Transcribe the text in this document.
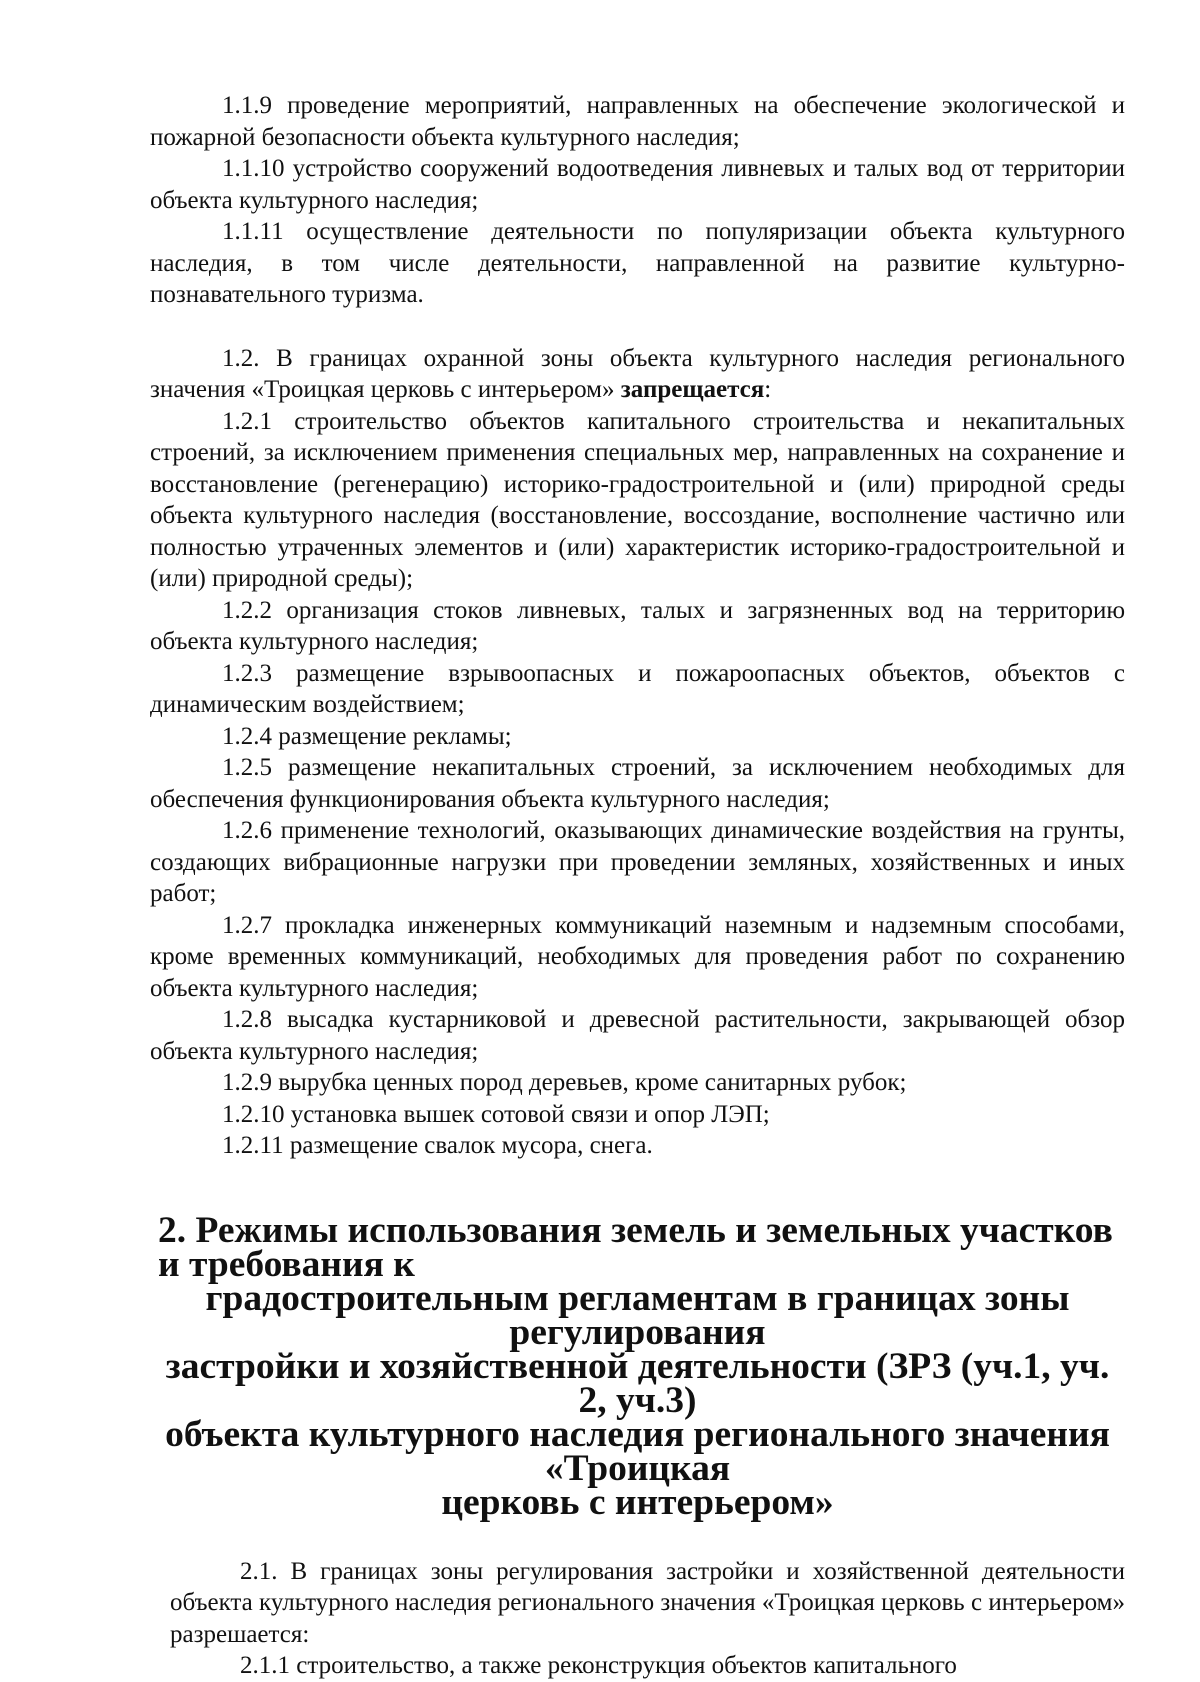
1.1.9 проведение мероприятий, направленных на обеспечение экологической и пожарной безопасности объекта культурного наследия;

1.1.10 устройство сооружений водоотведения ливневых и талых вод от территории объекта культурного наследия;

1.1.11 осуществление деятельности по популяризации объекта культурного наследия, в том числе деятельности, направленной на развитие культурно- познавательного туризма.

1.2. В границах охранной зоны объекта культурного наследия регионального значения «Троицкая церковь с интерьером» запрещается:

1.2.1 строительство объектов капитального строительства и некапитальных строений, за исключением применения специальных мер, направленных на сохранение и восстановление (регенерацию) историко-градостроительной и (или) природной среды объекта культурного наследия (восстановление, воссоздание, восполнение частично или полностью утраченных элементов и (или) характеристик историко-градостроительной и (или) природной среды);

1.2.2 организация стоков ливневых, талых и загрязненных вод на территорию объекта культурного наследия;

1.2.3 размещение взрывоопасных и пожароопасных объектов, объектов с динамическим воздействием;

1.2.4 размещение рекламы;

1.2.5 размещение некапитальных строений, за исключением необходимых для обеспечения функционирования объекта культурного наследия;

1.2.6 применение технологий, оказывающих динамические воздействия на грунты, создающих вибрационные нагрузки при проведении земляных, хозяйственных и иных работ;

1.2.7 прокладка инженерных коммуникаций наземным и надземным способами, кроме временных коммуникаций, необходимых для проведения работ по сохранению объекта культурного наследия;

1.2.8 высадка кустарниковой и древесной растительности, закрывающей обзор объекта культурного наследия;

1.2.9 вырубка ценных пород деревьев, кроме санитарных рубок;

1.2.10 установка вышек сотовой связи и опор ЛЭП;

1.2.11 размещение свалок мусора, снега.

2. Режимы использования земель и земельных участков и требования к
градостроительным регламентам в границах зоны регулирования
застройки и хозяйственной деятельности (ЗРЗ (уч.1, уч. 2, уч.3)
объекта культурного наследия регионального значения «Троицкая
церковь с интерьером»

2.1. В границах зоны регулирования застройки и хозяйственной деятельности объекта культурного наследия регионального значения «Троицкая церковь с интерьером» разрешается:

2.1.1 строительство, а также реконструкция объектов капитального
